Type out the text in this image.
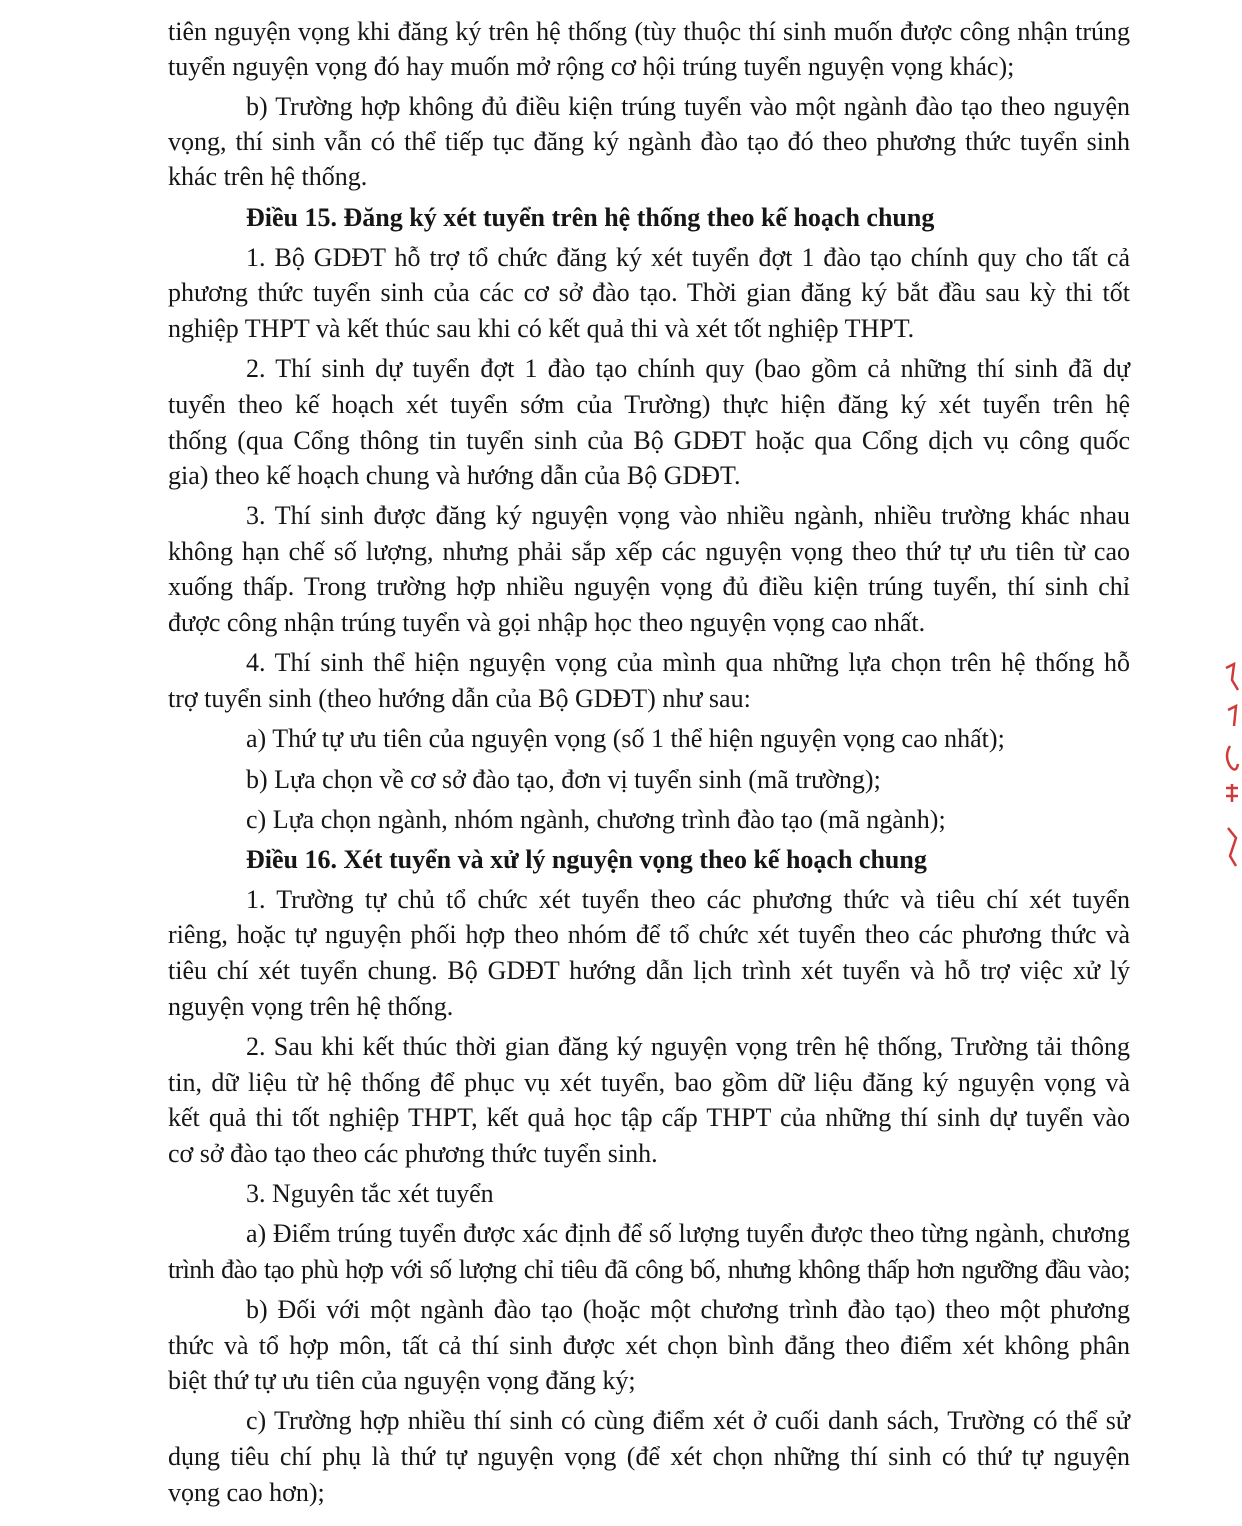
tiên nguyện vọng khi đăng ký trên hệ thống (tùy thuộc thí sinh muốn được công nhận trúng
tuyển nguyện vọng đó hay muốn mở rộng cơ hội trúng tuyển nguyện vọng khác);
b) Trường hợp không đủ điều kiện trúng tuyển vào một ngành đào tạo theo nguyện
vọng, thí sinh vẫn có thể tiếp tục đăng ký ngành đào tạo đó theo phương thức tuyển sinh
khác trên hệ thống.
Điều 15. Đăng ký xét tuyển trên hệ thống theo kế hoạch chung
1. Bộ GDĐT hỗ trợ tổ chức đăng ký xét tuyển đợt 1 đào tạo chính quy cho tất cả
phương thức tuyển sinh của các cơ sở đào tạo. Thời gian đăng ký bắt đầu sau kỳ thi tốt
nghiệp THPT và kết thúc sau khi có kết quả thi và xét tốt nghiệp THPT.
2. Thí sinh dự tuyển đợt 1 đào tạo chính quy (bao gồm cả những thí sinh đã dự
tuyển theo kế hoạch xét tuyển sớm của Trường) thực hiện đăng ký xét tuyển trên hệ
thống (qua Cổng thông tin tuyển sinh của Bộ GDĐT hoặc qua Cổng dịch vụ công quốc
gia) theo kế hoạch chung và hướng dẫn của Bộ GDĐT.
3. Thí sinh được đăng ký nguyện vọng vào nhiều ngành, nhiều trường khác nhau
không hạn chế số lượng, nhưng phải sắp xếp các nguyện vọng theo thứ tự ưu tiên từ cao
xuống thấp. Trong trường hợp nhiều nguyện vọng đủ điều kiện trúng tuyển, thí sinh chỉ
được công nhận trúng tuyển và gọi nhập học theo nguyện vọng cao nhất.
4. Thí sinh thể hiện nguyện vọng của mình qua những lựa chọn trên hệ thống hỗ
trợ tuyển sinh (theo hướng dẫn của Bộ GDĐT) như sau:
a) Thứ tự ưu tiên của nguyện vọng (số 1 thể hiện nguyện vọng cao nhất);
b) Lựa chọn về cơ sở đào tạo, đơn vị tuyển sinh (mã trường);
c) Lựa chọn ngành, nhóm ngành, chương trình đào tạo (mã ngành);
Điều 16. Xét tuyển và xử lý nguyện vọng theo kế hoạch chung
1. Trường tự chủ tổ chức xét tuyển theo các phương thức và tiêu chí xét tuyển
riêng, hoặc tự nguyện phối hợp theo nhóm để tổ chức xét tuyển theo các phương thức và
tiêu chí xét tuyển chung. Bộ GDĐT hướng dẫn lịch trình xét tuyển và hỗ trợ việc xử lý
nguyện vọng trên hệ thống.
2. Sau khi kết thúc thời gian đăng ký nguyện vọng trên hệ thống, Trường tải thông
tin, dữ liệu từ hệ thống để phục vụ xét tuyển, bao gồm dữ liệu đăng ký nguyện vọng và
kết quả thi tốt nghiệp THPT, kết quả học tập cấp THPT của những thí sinh dự tuyển vào
cơ sở đào tạo theo các phương thức tuyển sinh.
3. Nguyên tắc xét tuyển
a) Điểm trúng tuyển được xác định để số lượng tuyển được theo từng ngành, chương
trình đào tạo phù hợp với số lượng chỉ tiêu đã công bố, nhưng không thấp hơn ngưỡng đầu vào;
b) Đối với một ngành đào tạo (hoặc một chương trình đào tạo) theo một phương
thức và tổ hợp môn, tất cả thí sinh được xét chọn bình đẳng theo điểm xét không phân
biệt thứ tự ưu tiên của nguyện vọng đăng ký;
c) Trường hợp nhiều thí sinh có cùng điểm xét ở cuối danh sách, Trường có thể sử
dụng tiêu chí phụ là thứ tự nguyện vọng (để xét chọn những thí sinh có thứ tự nguyện
vọng cao hơn);
